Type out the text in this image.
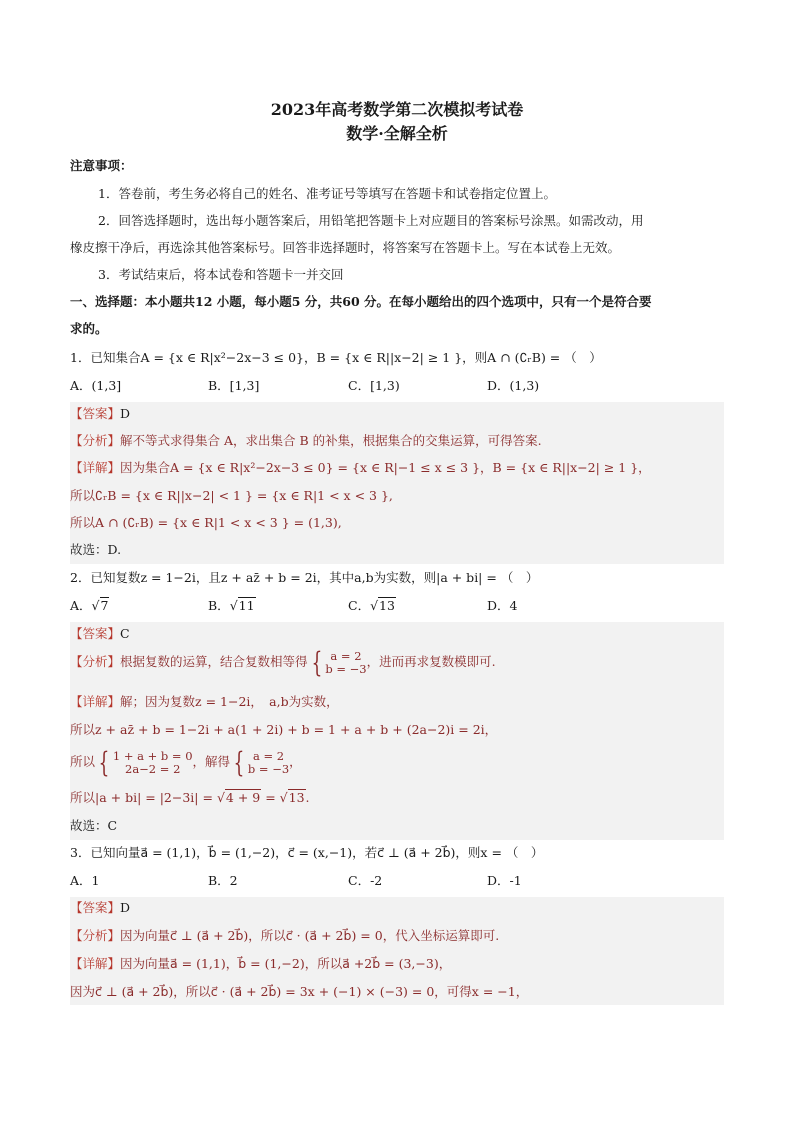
2023年高考数学第二次模拟考试卷
数学·全解全析
注意事项：
1．答卷前，考生务必将自己的姓名、准考证号等填写在答题卡和试卷指定位置上。
2．回答选择题时，选出每小题答案后，用铅笔把答题卡上对应题目的答案标号涂黑。如需改动，用
橡皮擦干净后，再选涂其他答案标号。回答非选择题时，将答案写在答题卡上。写在本试卷上无效。
3．考试结束后，将本试卷和答题卡一并交回
一、选择题：本小题共12 小题，每小题5 分，共60 分。在每小题给出的四个选项中，只有一个是符合要
求的。
1．已知集合A = {x ∈ R|x²−2x−3 ≤ 0}，B = {x ∈ R||x−2| ≥ 1 }，则A ∩ (∁ᵣB) = （　）
A．(1,3]	B．[1,3]	C．[1,3)	D．(1,3)
【答案】D
【分析】解不等式求得集合 A，求出集合 B 的补集，根据集合的交集运算，可得答案.
【详解】因为集合A = {x ∈ R|x²−2x−3 ≤ 0} = {x ∈ R|−1 ≤ x ≤ 3 }，B = {x ∈ R||x−2| ≥ 1 }，
所以∁ᵣB = {x ∈ R||x−2| < 1 } = {x ∈ R|1 < x < 3 },
所以A ∩ (∁ᵣB) = {x ∈ R|1 < x < 3 } = (1,3),
故选：D.
2．已知复数z = 1−2i，且z + az̄ + b = 2i，其中a,b为实数，则|a + bi| = （　）
A．√7	B．√11	C．√13	D．4
【答案】C
【分析】根据复数的运算，结合复数相等得 { a = 2
b = −3 ，进而再求复数模即可.
【详解】解；因为复数z = 1−2i，　a,b为实数，
所以z + az̄ + b = 1−2i + a(1 + 2i) + b = 1 + a + b + (2a−2)i = 2i，
所以 { 1 + a + b = 0
2a−2 = 2 ，解得 { a = 2
b = −3 ，
所以|a + bi| = |2−3i| = √4 + 9 = √13.
故选：C
3．已知向量a⃗ = (1,1)，b⃗ = (1,−2)，c⃗ = (x,−1)，若c⃗ ⊥ (a⃗ + 2b⃗)，则x = （　）
A．1	B．2	C．-2	D．-1
【答案】D
【分析】因为向量c⃗ ⊥ (a⃗ + 2b⃗)，所以c⃗ · (a⃗ + 2b⃗) = 0，代入坐标运算即可.
【详解】因为向量a⃗ = (1,1)，b⃗ = (1,−2)，所以a⃗ +2b⃗ = (3,−3)，
因为c⃗ ⊥ (a⃗ + 2b⃗)，所以c⃗ · (a⃗ + 2b⃗) = 3x + (−1) × (−3) = 0，可得x = −1，
